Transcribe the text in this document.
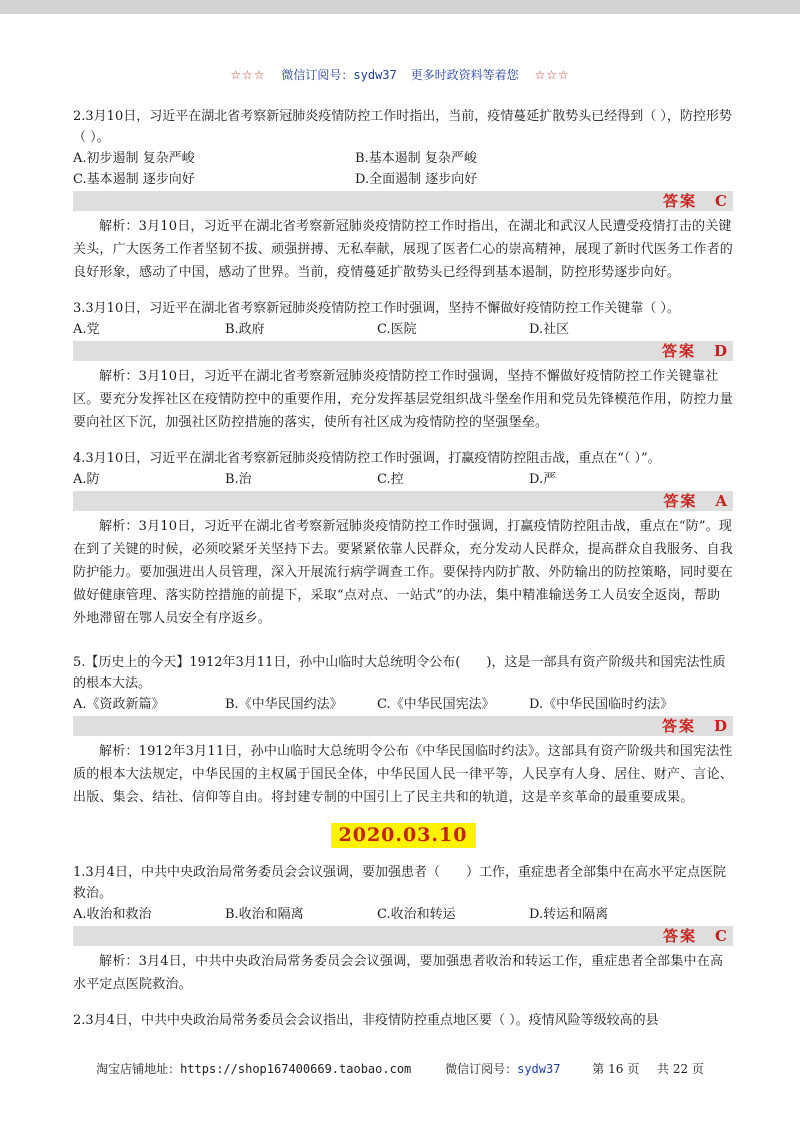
☆☆☆ 微信订阅号：sydw37 更多时政资料等着您 ☆☆☆

2.3月10日，习近平在湖北省考察新冠肺炎疫情防控工作时指出，当前，疫情蔓延扩散势头已经得到（ ），防控形势（ ）。

A.初步遏制 复杂严峻	B.基本遏制 复杂严峻
C.基本遏制 逐步向好	D.全面遏制 逐步向好
答案 C

解析：3月10日，习近平在湖北省考察新冠肺炎疫情防控工作时指出，在湖北和武汉人民遭受疫情打击的关键关头，广大医务工作者坚韧不拔、顽强拼搏、无私奉献，展现了医者仁心的崇高精神，展现了新时代医务工作者的良好形象，感动了中国，感动了世界。当前，疫情蔓延扩散势头已经得到基本遏制，防控形势逐步向好。

3.3月10日，习近平在湖北省考察新冠肺炎疫情防控工作时强调，坚持不懈做好疫情防控工作关键靠（ ）。

A.党	B.政府	C.医院	D.社区
答案 D

解析：3月10日，习近平在湖北省考察新冠肺炎疫情防控工作时强调，坚持不懈做好疫情防控工作关键靠社区。要充分发挥社区在疫情防控中的重要作用，充分发挥基层党组织战斗堡垒作用和党员先锋模范作用，防控力量要向社区下沉，加强社区防控措施的落实，使所有社区成为疫情防控的坚强堡垒。

4.3月10日，习近平在湖北省考察新冠肺炎疫情防控工作时强调，打赢疫情防控阻击战，重点在“（ ）”。

A.防	B.治	C.控	D.严
答案 A

解析：3月10日，习近平在湖北省考察新冠肺炎疫情防控工作时强调，打赢疫情防控阻击战，重点在“防”。现在到了关键的时候，必须咬紧牙关坚持下去。要紧紧依靠人民群众，充分发动人民群众，提高群众自我服务、自我防护能力。要加强进出人员管理，深入开展流行病学调查工作。要保持内防扩散、外防输出的防控策略，同时要在做好健康管理、落实防控措施的前提下，采取“点对点、一站式”的办法，集中精准输送务工人员安全返岗，帮助外地滞留在鄂人员安全有序返乡。

5.【历史上的今天】1912年3月11日，孙中山临时大总统明令公布(　　)，这是一部具有资产阶级共和国宪法性质的根本大法。

A.《资政新篇》	B.《中华民国约法》	C.《中华民国宪法》	D.《中华民国临时约法》
答案 D

解析：1912年3月11日，孙中山临时大总统明令公布《中华民国临时约法》。这部具有资产阶级共和国宪法性质的根本大法规定，中华民国的主权属于国民全体，中华民国人民一律平等，人民享有人身、居住、财产、言论、出版、集会、结社、信仰等自由。将封建专制的中国引上了民主共和的轨道，这是辛亥革命的最重要成果。

2020.03.10

1.3月4日，中共中央政治局常务委员会会议强调，要加强患者（　　）工作，重症患者全部集中在高水平定点医院救治。

A.收治和救治	B.收治和隔离	C.收治和转运	D.转运和隔离
答案 C

解析：3月4日，中共中央政治局常务委员会会议强调，要加强患者收治和转运工作，重症患者全部集中在高水平定点医院救治。

2.3月4日，中共中央政治局常务委员会会议指出，非疫情防控重点地区要（ ）。疫情风险等级较高的县

淘宝店铺地址：https://shop167400669.taobao.com	微信订阅号：sydw37	第 16 页 共 22 页
